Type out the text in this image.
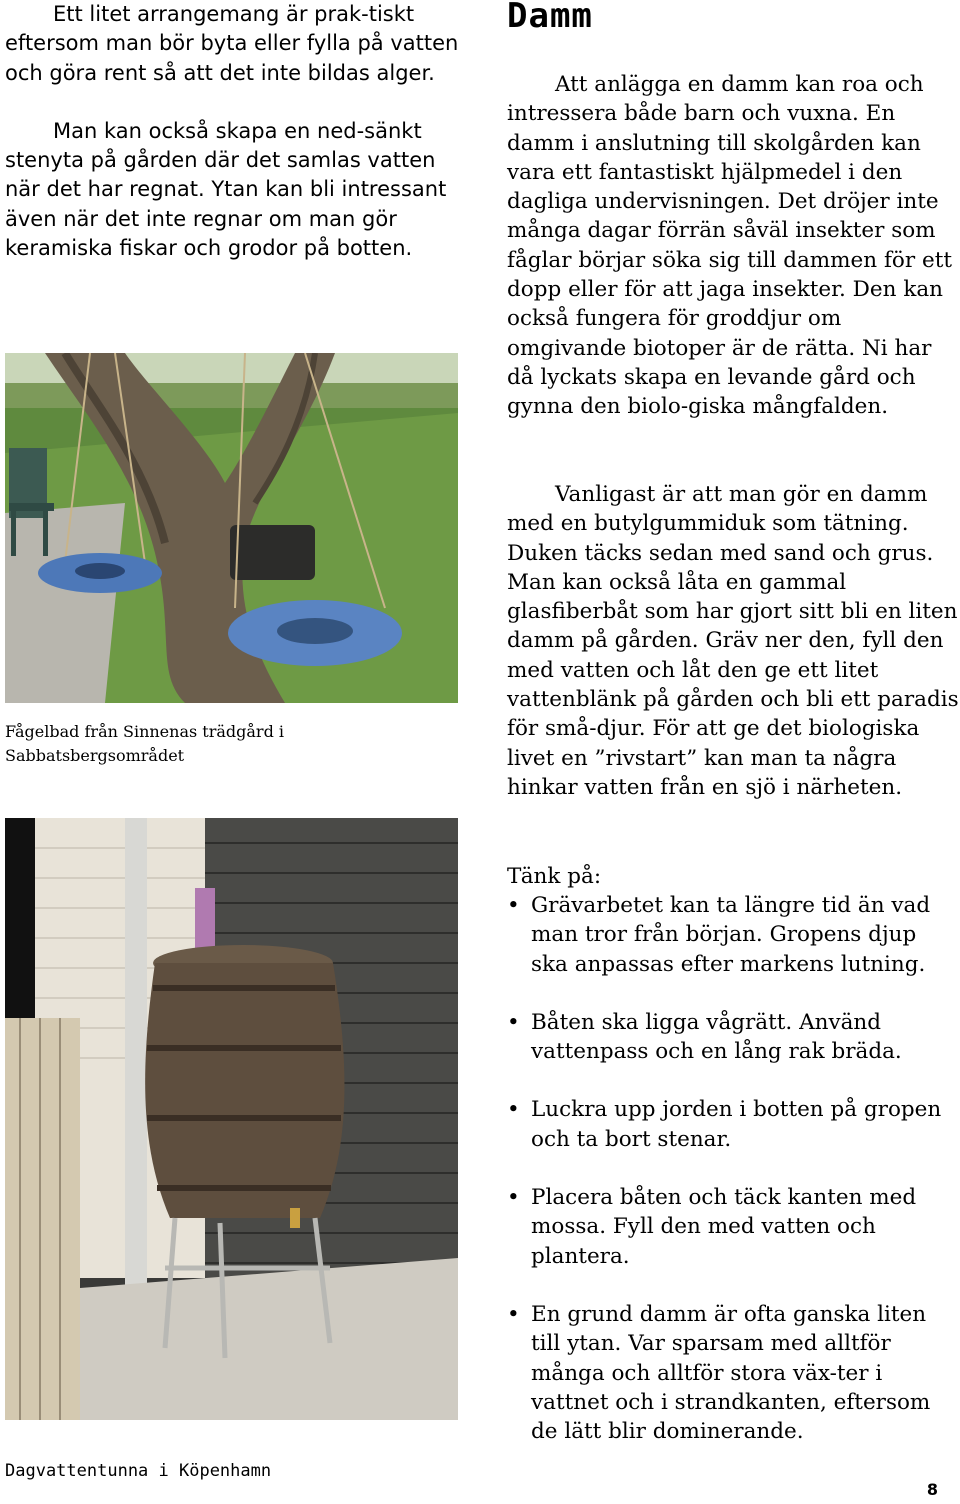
Ett litet arrangemang är prak-tiskt eftersom man bör byta eller fylla på vatten och göra rent så att det inte bildas alger.

Man kan också skapa en ned-sänkt stenyta på gården där det samlas vatten när det har regnat. Ytan kan bli intressant även när det inte regnar om man gör keramiska fiskar och grodor på botten.

Fågelbad från Sinnenas trädgård i Sabbatsbergsområdet

Dagvattentunna i Köpenhamn

Damm

Att anlägga en damm kan roa och intressera både barn och vuxna. En damm i anslutning till skolgården kan vara ett fantastiskt hjälpmedel i den dagliga undervisningen. Det dröjer inte många dagar förrän såväl insekter som fåglar börjar söka sig till dammen för ett dopp eller för att jaga insekter. Den kan också fungera för groddjur om omgivande biotoper är de rätta. Ni har då lyckats skapa en levande gård och gynna den biolo-giska mångfalden.

Vanligast är att man gör en damm med en butylgummiduk som tätning. Duken täcks sedan med sand och grus. Man kan också låta en gammal glasfiberbåt som har gjort sitt bli en liten damm på gården. Gräv ner den, fyll den med vatten och låt den ge ett litet vattenblänk på gården och bli ett paradis för små-djur. För att ge det biologiska livet en ”rivstart” kan man ta några hinkar vatten från en sjö i närheten.

Tänk på:
• Grävarbetet kan ta längre tid än vad man tror från början. Gropens djup ska anpassas efter markens lutning.
• Båten ska ligga vågrätt. Använd vattenpass och en lång rak bräda.
• Luckra upp jorden i botten på gropen och ta bort stenar.
• Placera båten och täck kanten med mossa. Fyll den med vatten och plantera.
• En grund damm är ofta ganska liten till ytan. Var sparsam med alltför många och alltför stora väx-ter i vattnet och i strandkanten, eftersom de lätt blir dominerande.
8
